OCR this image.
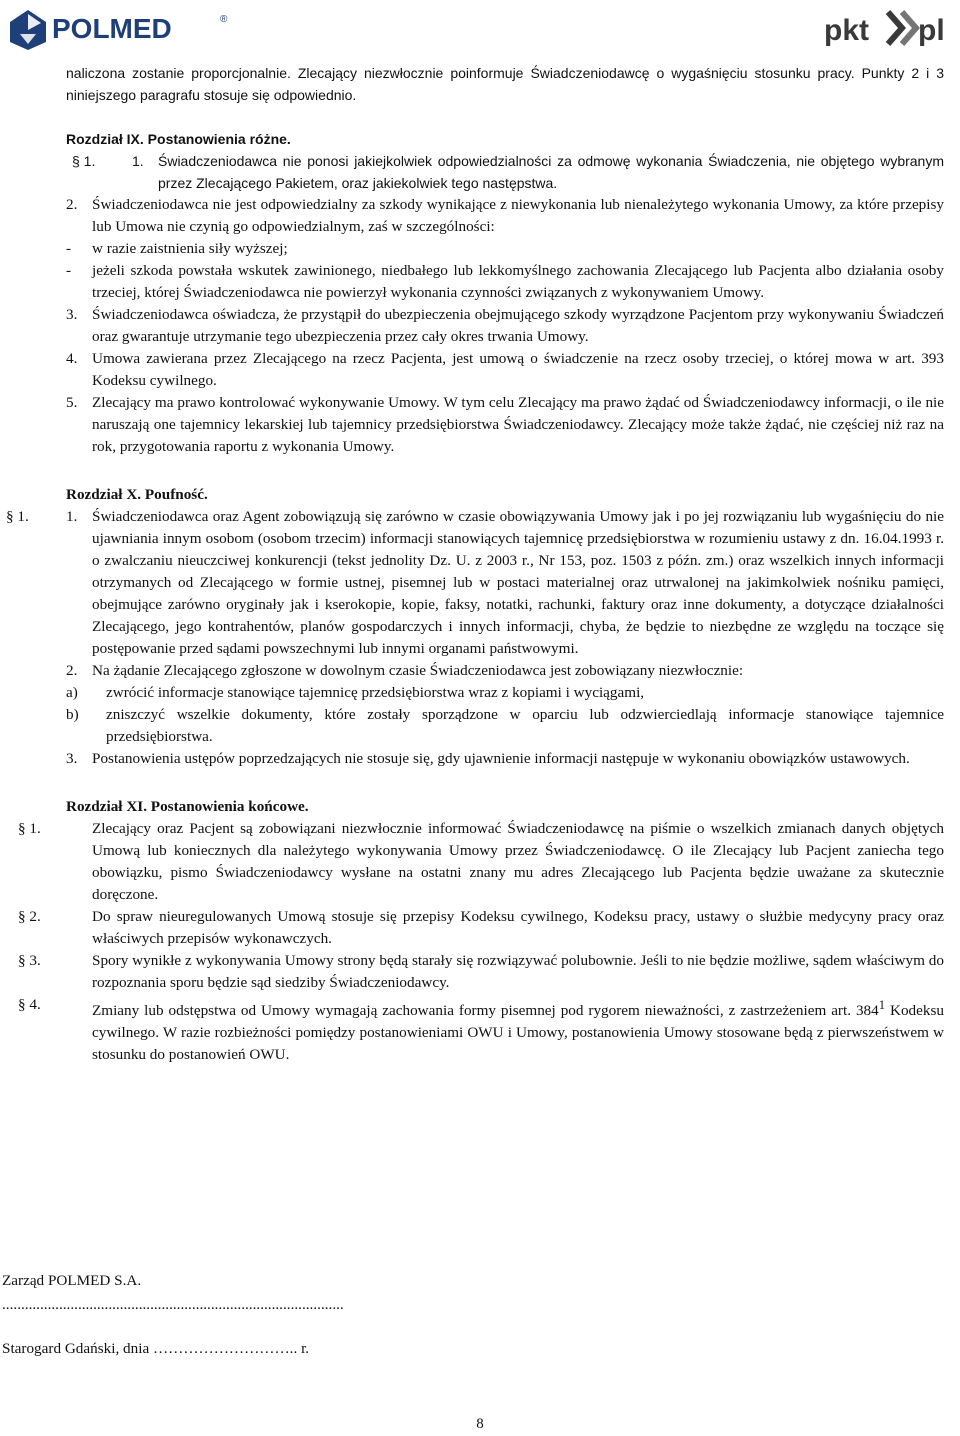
POLMED	®	pkt pl

naliczona zostanie proporcjonalnie. Zlecający niezwłocznie poinformuje Świadczeniodawcę o wygaśnięciu stosunku pracy. Punkty 2 i 3 niniejszego paragrafu stosuje się odpowiednio.

Rozdział IX. Postanowienia różne.

§ 1.	1. Świadczeniodawca nie ponosi jakiejkolwiek odpowiedzialności za odmowę wykonania Świadczenia, nie objętego wybranym przez Zlecającego Pakietem, oraz jakiekolwiek tego następstwa.
2. Świadczeniodawca nie jest odpowiedzialny za szkody wynikające z niewykonania lub nienależytego wykonania Umowy, za które przepisy lub Umowa nie czynią go odpowiedzialnym, zaś w szczególności:
- w razie zaistnienia siły wyższej;
- jeżeli szkoda powstała wskutek zawinionego, niedbałego lub lekkomyślnego zachowania Zlecającego lub Pacjenta albo działania osoby trzeciej, której Świadczeniodawca nie powierzył wykonania czynności związanych z wykonywaniem Umowy.
3. Świadczeniodawca oświadcza, że przystąpił do ubezpieczenia obejmującego szkody wyrządzone Pacjentom przy wykonywaniu Świadczeń oraz gwarantuje utrzymanie tego ubezpieczenia przez cały okres trwania Umowy.
4. Umowa zawierana przez Zlecającego na rzecz Pacjenta, jest umową o świadczenie na rzecz osoby trzeciej, o której mowa w art. 393 Kodeksu cywilnego.
5. Zlecający ma prawo kontrolować wykonywanie Umowy. W tym celu Zlecający ma prawo żądać od Świadczeniodawcy informacji, o ile nie naruszają one tajemnicy lekarskiej lub tajemnicy przedsiębiorstwa Świadczeniodawcy. Zlecający może także żądać, nie częściej niż raz na rok, przygotowania raportu z wykonania Umowy.

Rozdział X. Poufność.

§ 1. 1. Świadczeniodawca oraz Agent zobowiązują się zarówno w czasie obowiązywania Umowy jak i po jej rozwiązaniu lub wygaśnięciu do nie ujawniania innym osobom (osobom trzecim) informacji stanowiących tajemnicę przedsiębiorstwa w rozumieniu ustawy z dn. 16.04.1993 r. o zwalczaniu nieuczciwej konkurencji (tekst jednolity Dz. U. z 2003 r., Nr 153, poz. 1503 z późn. zm.) oraz wszelkich innych informacji otrzymanych od Zlecającego w formie ustnej, pisemnej lub w postaci materialnej oraz utrwalonej na jakimkolwiek nośniku pamięci, obejmujące zarówno oryginały jak i kserokopie, kopie, faksy, notatki, rachunki, faktury oraz inne dokumenty, a dotyczące działalności Zlecającego, jego kontrahentów, planów gospodarczych i innych informacji, chyba, że będzie to niezbędne ze względu na toczące się postępowanie przed sądami powszechnymi lub innymi organami państwowymi.
2. Na żądanie Zlecającego zgłoszone w dowolnym czasie Świadczeniodawca jest zobowiązany niezwłocznie:
a) zwrócić informacje stanowiące tajemnicę przedsiębiorstwa wraz z kopiami i wyciągami,
b) zniszczyć wszelkie dokumenty, które zostały sporządzone w oparciu lub odzwierciedlają informacje stanowiące tajemnice przedsiębiorstwa.
3. Postanowienia ustępów poprzedzających nie stosuje się, gdy ujawnienie informacji następuje w wykonaniu obowiązków ustawowych.

Rozdział XI. Postanowienia końcowe.

§ 1.	Zlecający oraz Pacjent są zobowiązani niezwłocznie informować Świadczeniodawcę na piśmie o wszelkich zmianach danych objętych Umową lub koniecznych dla należytego wykonywania Umowy przez Świadczeniodawcę. O ile Zlecający lub Pacjent zaniecha tego obowiązku, pismo Świadczeniodawcy wysłane na ostatni znany mu adres Zlecającego lub Pacjenta będzie uważane za skutecznie doręczone.
§ 2.	Do spraw nieuregulowanych Umową stosuje się przepisy Kodeksu cywilnego, Kodeksu pracy, ustawy o służbie medycyny pracy oraz właściwych przepisów wykonawczych.
§ 3.	Spory wynikłe z wykonywania Umowy strony będą starały się rozwiązywać polubownie. Jeśli to nie będzie możliwe, sądem właściwym do rozpoznania sporu będzie sąd siedziby Świadczeniodawcy.
§ 4.	Zmiany lub odstępstwa od Umowy wymagają zachowania formy pisemnej pod rygorem nieważności, z zastrzeżeniem art. $384^1$ Kodeksu cywilnego. W razie rozbieżności pomiędzy postanowieniami OWU i Umowy, postanowienia Umowy stosowane będą z pierwszeństwem w stosunku do postanowień OWU.
Zarząd POLMED S.A.
..........................................................................................
Starogard Gdański, dnia ……………………….. r.
8
